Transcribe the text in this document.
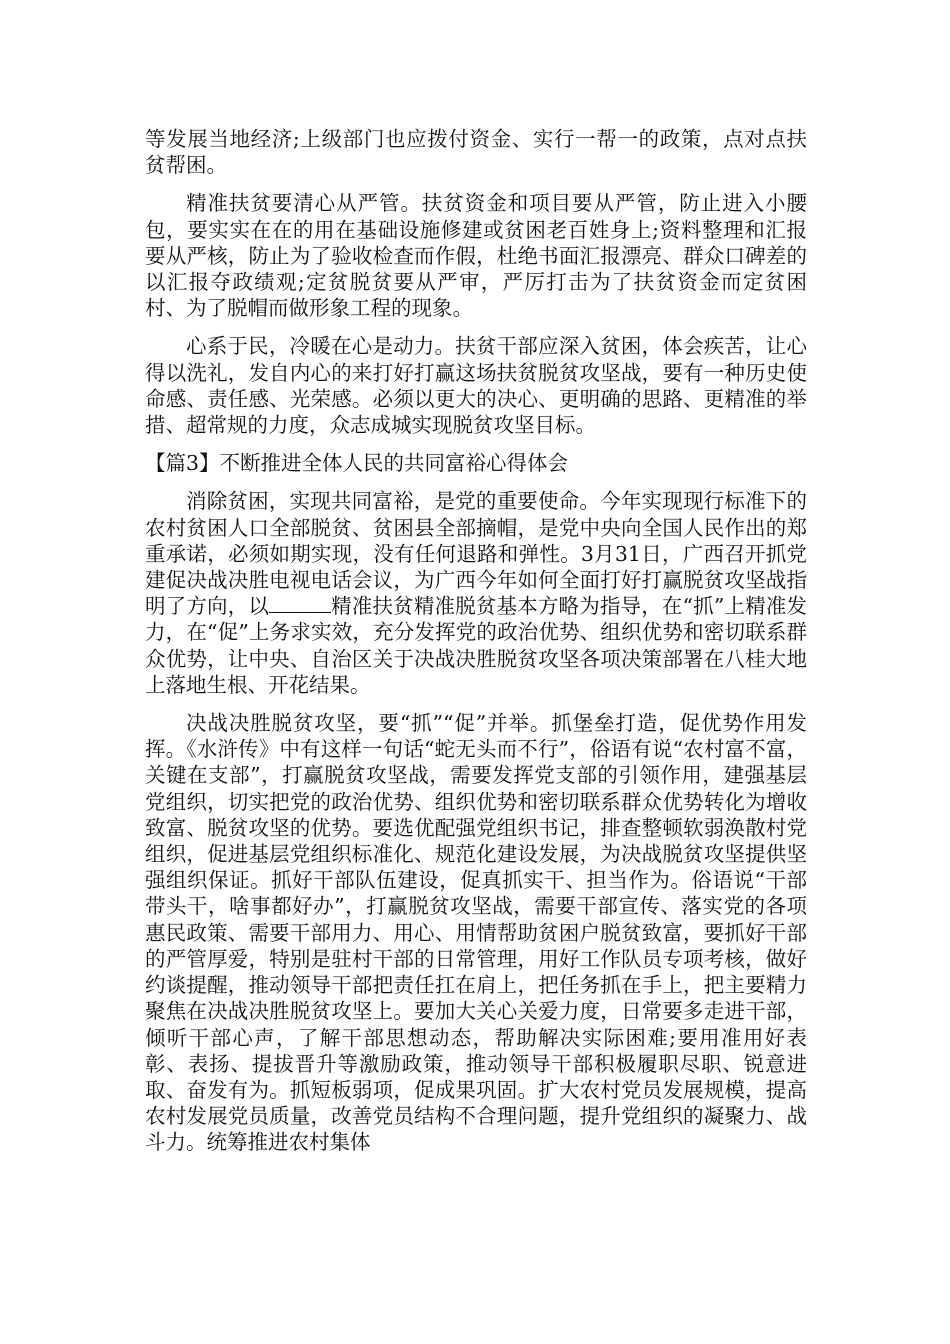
等发展当地经济;上级部门也应拨付资金、实行一帮一的政策，点对点扶贫帮困。

精准扶贫要清心从严管。扶贫资金和项目要从严管，防止进入小腰包，要实实在在的用在基础设施修建或贫困老百姓身上;资料整理和汇报要从严核，防止为了验收检查而作假，杜绝书面汇报漂亮、群众口碑差的以汇报夺政绩观;定贫脱贫要从严审，严厉打击为了扶贫资金而定贫困村、为了脱帽而做形象工程的现象。

心系于民，冷暖在心是动力。扶贫干部应深入贫困，体会疾苦，让心得以洗礼，发自内心的来打好打赢这场扶贫脱贫攻坚战，要有一种历史使命感、责任感、光荣感。必须以更大的决心、更明确的思路、更精准的举措、超常规的力度，众志成城实现脱贫攻坚目标。

【篇3】不断推进全体人民的共同富裕心得体会

消除贫困，实现共同富裕，是党的重要使命。今年实现现行标准下的农村贫困人口全部脱贫、贫困县全部摘帽，是党中央向全国人民作出的郑重承诺，必须如期实现，没有任何退路和弹性。3月31日，广西召开抓党建促决战决胜电视电话会议，为广西今年如何全面打好打赢脱贫攻坚战指明了方向，以	精准扶贫精准脱贫基本方略为指导，在“抓”上精准发力，在“促”上务求实效，充分发挥党的政治优势、组织优势和密切联系群众优势，让中央、自治区关于决战决胜脱贫攻坚各项决策部署在八桂大地上落地生根、开花结果。

决战决胜脱贫攻坚，要“抓”“促”并举。抓堡垒打造，促优势作用发挥。《水浒传》中有这样一句话“蛇无头而不行”，俗语有说“农村富不富，关键在支部”，打赢脱贫攻坚战，需要发挥党支部的引领作用，建强基层党组织，切实把党的政治优势、组织优势和密切联系群众优势转化为增收致富、脱贫攻坚的优势。要选优配强党组织书记，排查整顿软弱涣散村党组织，促进基层党组织标准化、规范化建设发展，为决战脱贫攻坚提供坚强组织保证。抓好干部队伍建设，促真抓实干、担当作为。俗语说“干部带头干，啥事都好办”，打赢脱贫攻坚战，需要干部宣传、落实党的各项惠民政策、需要干部用力、用心、用情帮助贫困户脱贫致富，要抓好干部的严管厚爱，特别是驻村干部的日常管理，用好工作队员专项考核，做好约谈提醒，推动领导干部把责任扛在肩上，把任务抓在手上，把主要精力聚焦在决战决胜脱贫攻坚上。要加大关心关爱力度，日常要多走进干部，倾听干部心声，了解干部思想动态，帮助解决实际困难;要用准用好表彰、表扬、提拔晋升等激励政策，推动领导干部积极履职尽职、锐意进取、奋发有为。抓短板弱项，促成果巩固。扩大农村党员发展规模，提高农村发展党员质量，改善党员结构不合理问题，提升党组织的凝聚力、战斗力。统筹推进农村集体
